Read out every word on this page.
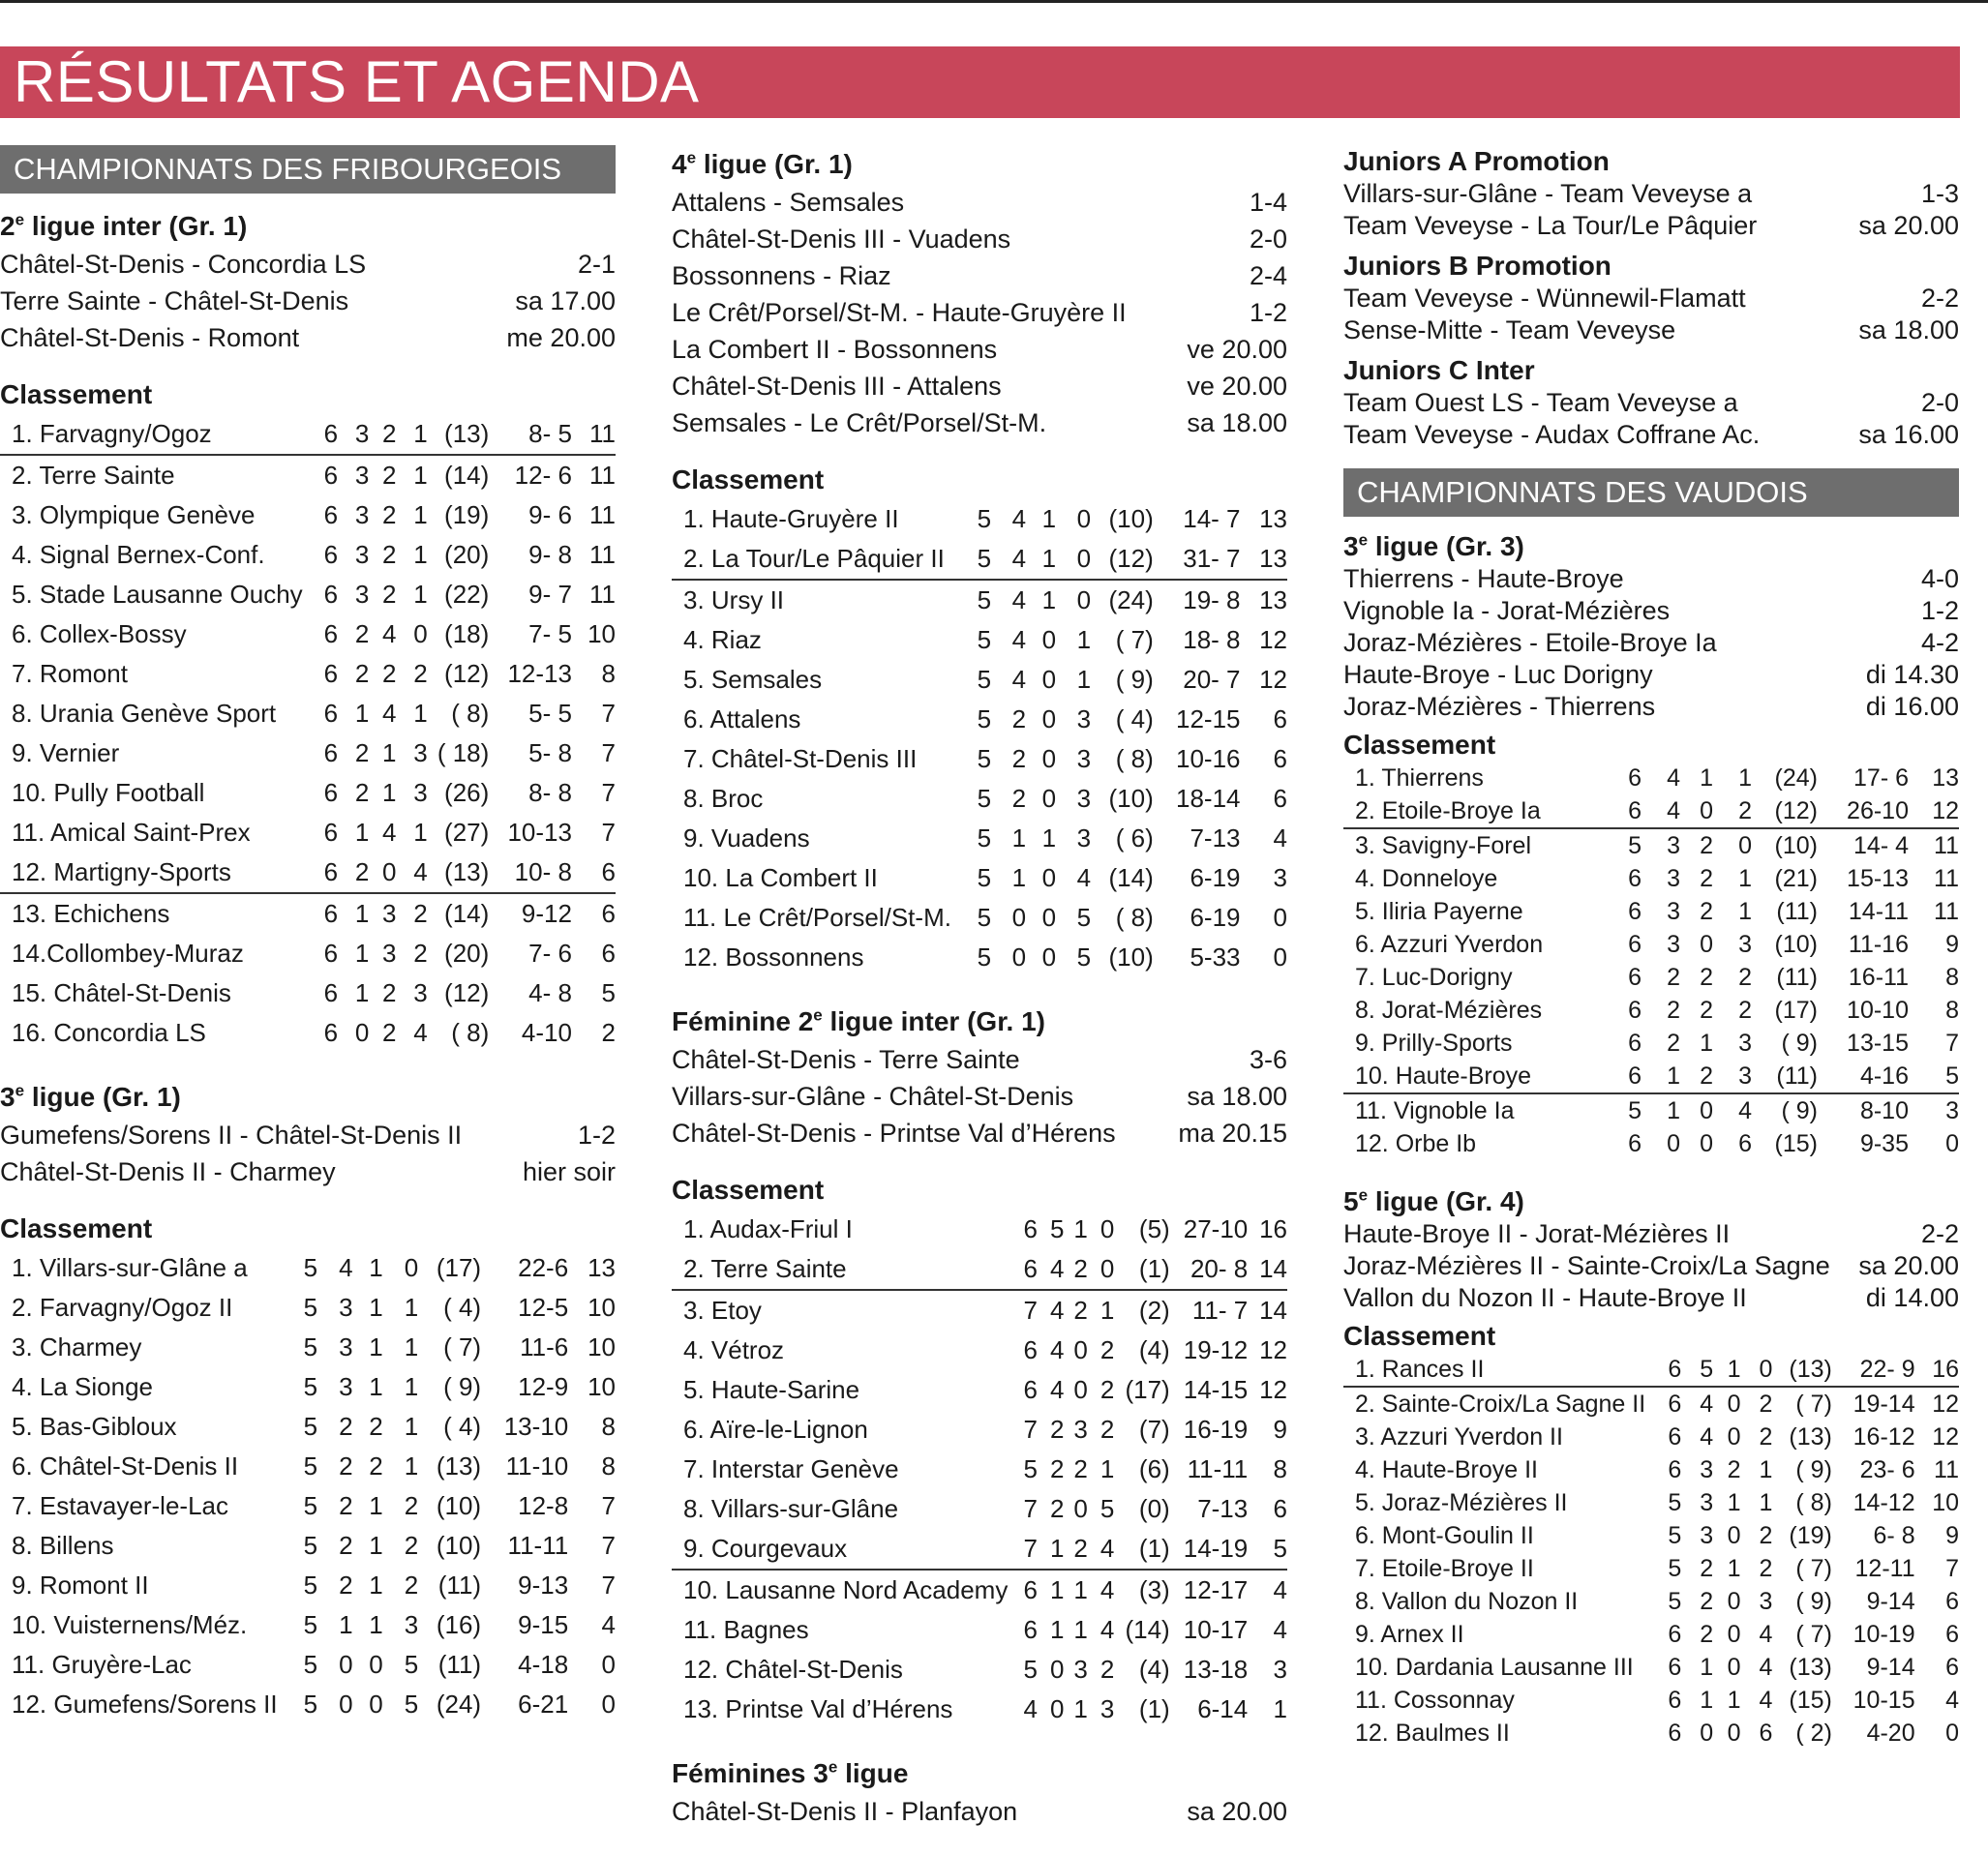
RÉSULTATS ET AGENDA
CHAMPIONNATS DES FRIBOURGEOIS
2e ligue inter (Gr. 1)
Châtel-St-Denis - Concordia LS	2-1
Terre Sainte - Châtel-St-Denis	sa 17.00
Châtel-St-Denis - Romont	me 20.00
Classement
1. Farvagny/Ogoz	6	3	2	1	(13)	8- 5	11
2. Terre Sainte	6	3	2	1	(14)	12- 6	11
3. Olympique Genève	6	3	2	1	(19)	9- 6	11
4. Signal Bernex-Conf.	6	3	2	1	(20)	9- 8	11
5. Stade Lausanne Ouchy	6	3	2	1	(22)	9- 7	11
6. Collex-Bossy	6	2	4	0	(18)	7- 5	10
7. Romont	6	2	2	2	(12)	12-13	8
8. Urania Genève Sport	6	1	4	1	( 8)	5- 5	7
9. Vernier	6	2	1	3	( 18)	5- 8	7
10. Pully Football	6	2	1	3	(26)	8- 8	7
11. Amical Saint-Prex	6	1	4	1	(27)	10-13	7
12. Martigny-Sports	6	2	0	4	(13)	10- 8	6
13. Echichens	6	1	3	2	(14)	9-12	6
14.Collombey-Muraz	6	1	3	2	(20)	7- 6	6
15. Châtel-St-Denis	6	1	2	3	(12)	4- 8	5
16. Concordia LS	6	0	2	4	( 8)	4-10	2
3e ligue (Gr. 1)
Gumefens/Sorens II - Châtel-St-Denis II	1-2
Châtel-St-Denis II - Charmey	hier soir
Classement
1. Villars-sur-Glâne a	5	4	1	0	(17)	22-6	13
2. Farvagny/Ogoz II	5	3	1	1	( 4)	12-5	10
3. Charmey	5	3	1	1	( 7)	11-6	10
4. La Sionge	5	3	1	1	( 9)	12-9	10
5. Bas-Gibloux	5	2	2	1	( 4)	13-10	8
6. Châtel-St-Denis II	5	2	2	1	(13)	11-10	8
7. Estavayer-le-Lac	5	2	1	2	(10)	12-8	7
8. Billens	5	2	1	2	(10)	11-11	7
9. Romont II	5	2	1	2	(11)	9-13	7
10. Vuisternens/Méz.	5	1	1	3	(16)	9-15	4
11. Gruyère-Lac	5	0	0	5	(11)	4-18	0
12. Gumefens/Sorens II	5	0	0	5	(24)	6-21	0
4e ligue (Gr. 1)
Attalens - Semsales	1-4
Châtel-St-Denis III - Vuadens	2-0
Bossonnens - Riaz	2-4
Le Crêt/Porsel/St-M. - Haute-Gruyère II	1-2
La Combert II - Bossonnens	ve 20.00
Châtel-St-Denis III - Attalens	ve 20.00
Semsales - Le Crêt/Porsel/St-M.	sa 18.00
Classement
1. Haute-Gruyère II	5	4	1	0	(10)	14- 7	13
2. La Tour/Le Pâquier II	5	4	1	0	(12)	31- 7	13
3. Ursy II	5	4	1	0	(24)	19- 8	13
4. Riaz	5	4	0	1	( 7)	18- 8	12
5. Semsales	5	4	0	1	( 9)	20- 7	12
6. Attalens	5	2	0	3	( 4)	12-15	6
7. Châtel-St-Denis III	5	2	0	3	( 8)	10-16	6
8. Broc	5	2	0	3	(10)	18-14	6
9. Vuadens	5	1	1	3	( 6)	7-13	4
10. La Combert II	5	1	0	4	(14)	6-19	3
11. Le Crêt/Porsel/St-M.	5	0	0	5	( 8)	6-19	0
12. Bossonnens	5	0	0	5	(10)	5-33	0
Féminine 2e ligue inter (Gr. 1)
Châtel-St-Denis - Terre Sainte	3-6
Villars-sur-Glâne - Châtel-St-Denis	sa 18.00
Châtel-St-Denis - Printse Val d’Hérens ma 20.15
Classement
1. Audax-Friul I	6	5	1	0	(5)	27-10	16
2. Terre Sainte	6	4	2	0	(1)	20- 8	14
3. Etoy	7	4	2	1	(2)	11- 7	14
4. Vétroz	6	4	0	2	(4)	19-12	12
5. Haute-Sarine	6	4	0	2	(17)	14-15	12
6. Aïre-le-Lignon	7	2	3	2	(7)	16-19	9
7. Interstar Genève	5	2	2	1	(6)	11-11	8
8. Villars-sur-Glâne	7	2	0	5	(0)	7-13	6
9. Courgevaux	7	1	2	4	(1)	14-19	5
10. Lausanne Nord Academy	6	1	1	4	(3)	12-17	4
11. Bagnes	6	1	1	4	(14)	10-17	4
12. Châtel-St-Denis	5	0	3	2	(4)	13-18	3
13. Printse Val d’Hérens	4	0	1	3	(1)	6-14	1
Féminines 3e ligue
Châtel-St-Denis II - Planfayon	sa 20.00
Juniors A Promotion
Villars-sur-Glâne - Team Veveyse a	1-3
Team Veveyse - La Tour/Le Pâquier	sa 20.00
Juniors B Promotion
Team Veveyse - Wünnewil-Flamatt	2-2
Sense-Mitte - Team Veveyse	sa 18.00
Juniors C Inter
Team Ouest LS - Team Veveyse a	2-0
Team Veveyse - Audax Coffrane Ac.	sa 16.00
CHAMPIONNATS DES VAUDOIS
3e ligue (Gr. 3)
Thierrens - Haute-Broye	4-0
Vignoble Ia - Jorat-Mézières	1-2
Joraz-Mézières - Etoile-Broye Ia	4-2
Haute-Broye - Luc Dorigny	di 14.30
Joraz-Mézières - Thierrens	di 16.00
Classement
1. Thierrens	6	4	1	1	(24)	17- 6	13
2. Etoile-Broye Ia	6	4	0	2	(12)	26-10	12
3. Savigny-Forel	5	3	2	0	(10)	14- 4	11
4. Donneloye	6	3	2	1	(21)	15-13	11
5. Iliria Payerne	6	3	2	1	(11)	14-11	11
6. Azzuri Yverdon	6	3	0	3	(10)	11-16	9
7. Luc-Dorigny	6	2	2	2	(11)	16-11	8
8. Jorat-Mézières	6	2	2	2	(17)	10-10	8
9. Prilly-Sports	6	2	1	3	( 9)	13-15	7
10. Haute-Broye	6	1	2	3	(11)	4-16	5
11. Vignoble Ia	5	1	0	4	( 9)	8-10	3
12. Orbe Ib	6	0	0	6	(15)	9-35	0
5e ligue (Gr. 4)
Haute-Broye II - Jorat-Mézières II	2-2
Joraz-Mézières II - Sainte-Croix/La Sagne sa 20.00
Vallon du Nozon II - Haute-Broye II	di 14.00
Classement
1. Rances II	6	5	1	0	(13)	22- 9	16
2. Sainte-Croix/La Sagne II	6	4	0	2	( 7)	19-14	12
3. Azzuri Yverdon II	6	4	0	2	(13)	16-12	12
4. Haute-Broye II	6	3	2	1	( 9)	23- 6	11
5. Joraz-Mézières II	5	3	1	1	( 8)	14-12	10
6. Mont-Goulin II	5	3	0	2	(19)	6- 8	9
7. Etoile-Broye II	5	2	1	2	( 7)	12-11	7
8. Vallon du Nozon II	5	2	0	3	( 9)	9-14	6
9. Arnex II	6	2	0	4	( 7)	10-19	6
10. Dardania Lausanne III	6	1	0	4	(13)	9-14	6
11. Cossonnay	6	1	1	4	(15)	10-15	4
12. Baulmes II	6	0	0	6	( 2)	4-20	0
